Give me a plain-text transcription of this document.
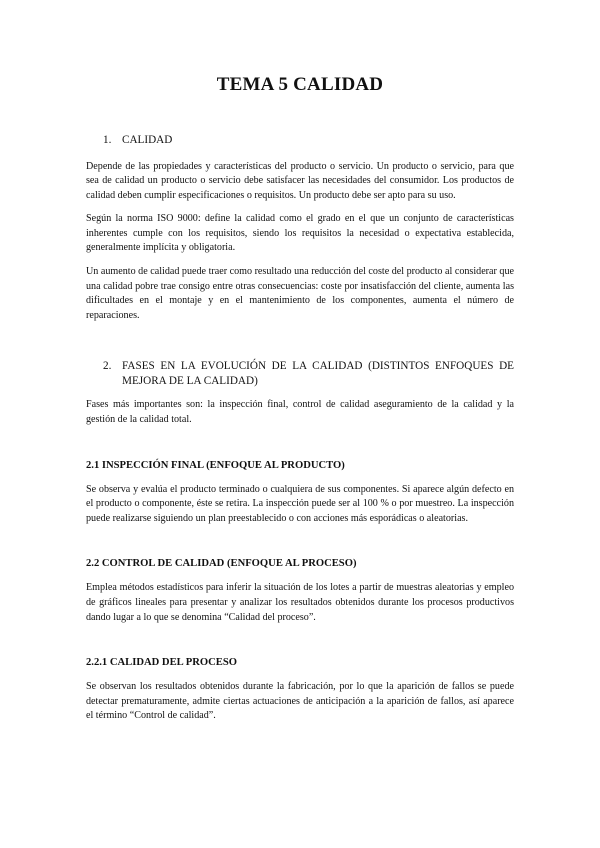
TEMA 5 CALIDAD
1. CALIDAD

Depende de las propiedades y características del producto o servicio. Un producto o servicio, para que sea de calidad un producto o servicio debe satisfacer las necesidades del consumidor. Los productos de calidad deben cumplir especificaciones o requisitos. Un producto debe ser apto para su uso.

Según la norma ISO 9000: define la calidad como el grado en el que un conjunto de características inherentes cumple con los requisitos, siendo los requisitos la necesidad o expectativa establecida, generalmente implícita y obligatoria.

Un aumento de calidad puede traer como resultado una reducción del coste del producto al considerar que una calidad pobre trae consigo entre otras consecuencias: coste por insatisfacción del cliente, aumenta las dificultades en el montaje y en el mantenimiento de los componentes, aumenta el número de reparaciones.

2. FASES EN LA EVOLUCIÓN DE LA CALIDAD (DISTINTOS ENFOQUES DE MEJORA DE LA CALIDAD)

Fases más importantes son: la inspección final, control de calidad aseguramiento de la calidad y la gestión de la calidad total.

2.1 INSPECCIÓN FINAL (ENFOQUE AL PRODUCTO)

Se observa y evalúa el producto terminado o cualquiera de sus componentes. Si aparece algún defecto en el producto o componente, éste se retira. La inspección puede ser al 100 % o por muestreo. La inspección puede realizarse siguiendo un plan preestablecido o con acciones más esporádicas o aleatorias.

2.2 CONTROL DE CALIDAD (ENFOQUE AL PROCESO)

Emplea métodos estadísticos para inferir la situación de los lotes a partir de muestras aleatorias y empleo de gráficos lineales para presentar y analizar los resultados obtenidos durante los procesos productivos dando lugar a lo que se denomina “Calidad del proceso”.

2.2.1 CALIDAD DEL PROCESO

Se observan los resultados obtenidos durante la fabricación, por lo que la aparición de fallos se puede detectar prematuramente, admite ciertas actuaciones de anticipación a la aparición de fallos, así aparece el término “Control de calidad”.
